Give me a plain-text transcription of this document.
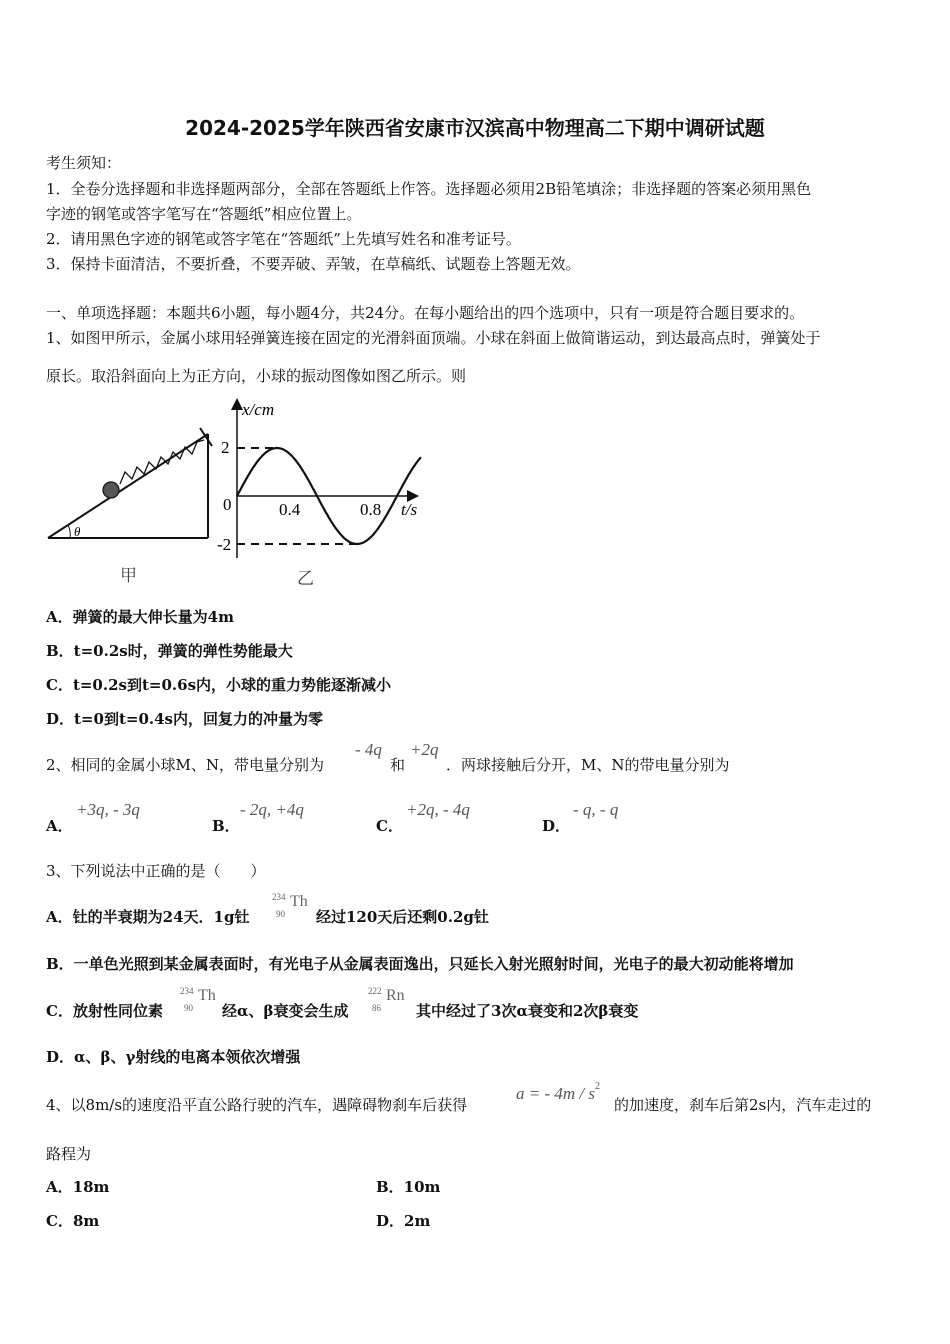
2024-2025学年陕西省安康市汉滨高中物理高二下期中调研试题
考生须知：
1．全卷分选择题和非选择题两部分，全部在答题纸上作答。选择题必须用2B铅笔填涂；非选择题的答案必须用黑色
字迹的钢笔或答字笔写在“答题纸”相应位置上。
2．请用黑色字迹的钢笔或答字笔在“答题纸”上先填写姓名和准考证号。
3．保持卡面清洁，不要折叠，不要弄破、弄皱，在草稿纸、试题卷上答题无效。
一、单项选择题：本题共6小题，每小题4分，共24分。在每小题给出的四个选项中，只有一项是符合题目要求的。
1、如图甲所示，金属小球用轻弹簧连接在固定的光滑斜面顶端。小球在斜面上做简谐运动，到达最高点时，弹簧处于
原长。取沿斜面向上为正方向，小球的振动图像如图乙所示。则
θ
甲
x/cm
t/s
2
0
-2
0.4	0.8
乙
A．弹簧的最大伸长量为4m
B．t=0.2s时，弹簧的弹性势能最大
C．t=0.2s到t=0.6s内，小球的重力势能逐渐减小
D．t=0到t=0.4s内，回复力的冲量为零
2、相同的金属小球M、N，带电量分别为
- 4q
和
+2q
．两球接触后分开，M、N的带电量分别为
A．
+3q, - 3q
B．
- 2q, +4q
C．
+2q, - 4q
D．
- q, - q
3、下列说法中正确的是（　　）
A．钍的半衰期为24天．1g钍
234
90
Th
经过120天后还剩0.2g钍
B．一单色光照到某金属表面时，有光电子从金属表面逸出，只延长入射光照射时间，光电子的最大初动能将增加
C．放射性同位素
234
90
Th
经α、β衰变会生成
222
86
Rn
其中经过了3次α衰变和2次β衰变
D．α、β、γ射线的电离本领依次增强
4、以8m/s的速度沿平直公路行驶的汽车，遇障碍物刹车后获得
a = - $4m / s^2$
的加速度，刹车后第2s内，汽车走过的
路程为
A．18m	B．10m
C．8m	D．2m
